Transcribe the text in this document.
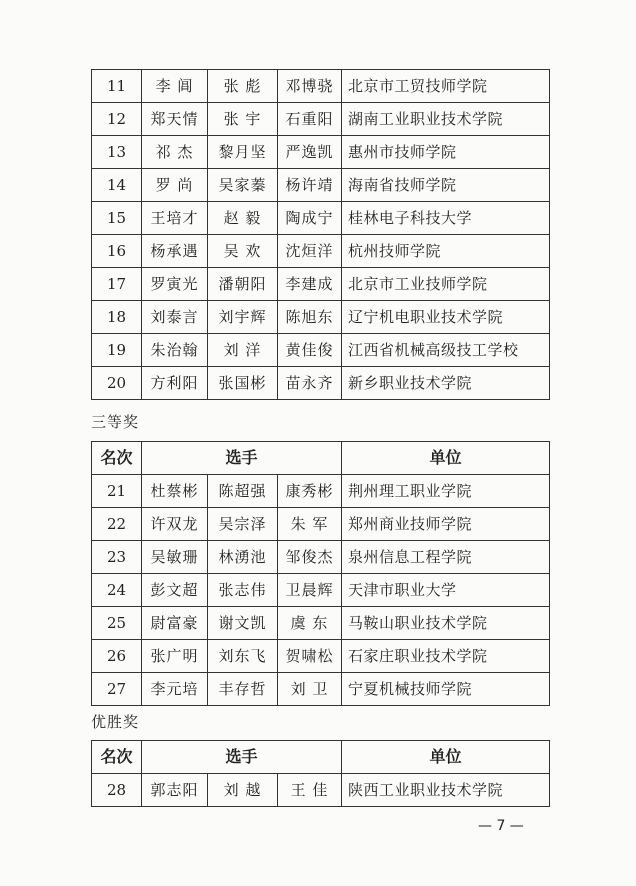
11	李 阊	张 彪	邓博骁	北京市工贸技师学院
12	郑天情	张 宇	石重阳	湖南工业职业技术学院
13	祁 杰	黎月坚	严逸凯	惠州市技师学院
14	罗 尚	吴家蓁	杨许靖	海南省技师学院
15	王培才	赵 毅	陶成宁	桂林电子科技大学
16	杨承遇	吴 欢	沈烜洋	杭州技师学院
17	罗寅光	潘朝阳	李建成	北京市工业技师学院
18	刘泰言	刘宇辉	陈旭东	辽宁机电职业技术学院
19	朱治翰	刘 洋	黄佳俊	江西省机械高级技工学校
20	方利阳	张国彬	苗永齐	新乡职业技术学院
三等奖
名次	选手			单位
21	杜蔡彬	陈超强	康秀彬	荆州理工职业学院
22	许双龙	吴宗泽	朱 军	郑州商业技师学院
23	吴敏珊	林湧池	邹俊杰	泉州信息工程学院
24	彭文超	张志伟	卫晨辉	天津市职业大学
25	尉富豪	谢文凯	虞 东	马鞍山职业技术学院
26	张广明	刘东飞	贺啸松	石家庄职业技术学院
27	李元培	丰存哲	刘 卫	宁夏机械技师学院
优胜奖
名次	选手			单位
28	郭志阳	刘 越	王 佳	陕西工业职业技术学院
— 7 —
